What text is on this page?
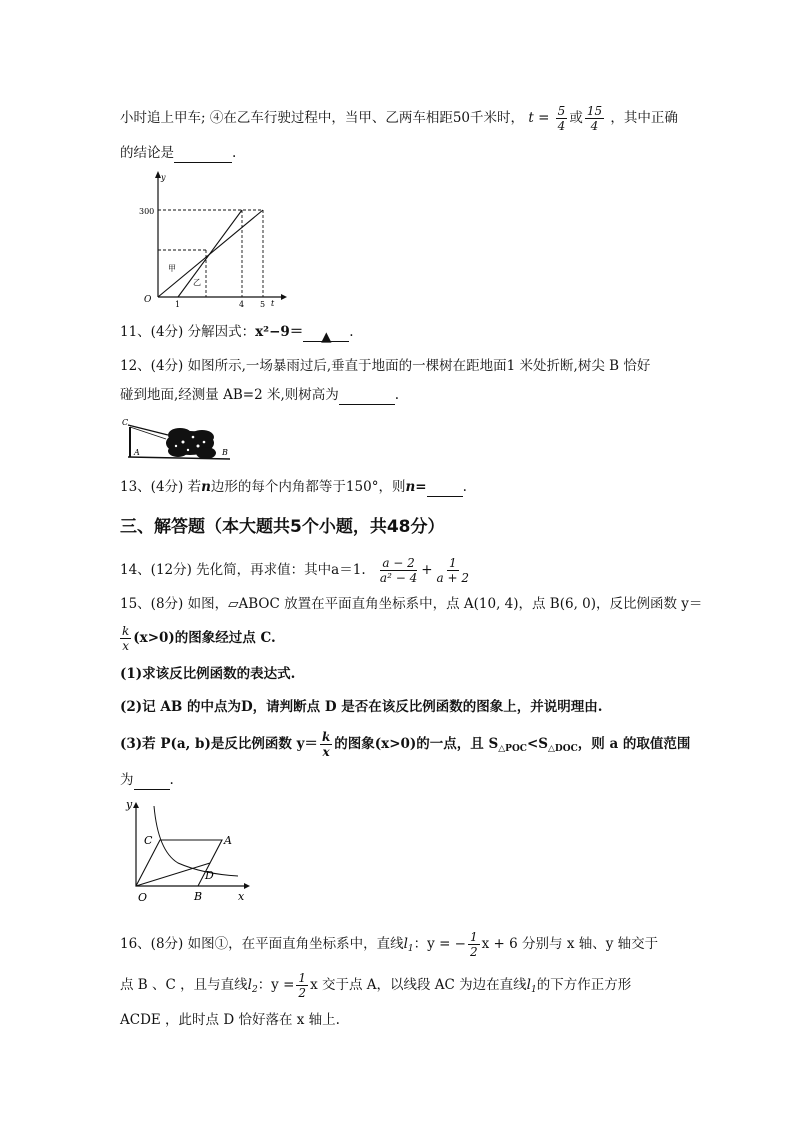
小时追上甲车; ④在乙车行驶过程中，当甲、乙两车相距50千米时， $t = \frac{5}{4}$ 或 $\frac{15}{4}$ ，其中正确
的结论是	.
y
t
O
300
1	4 5
甲
乙
11、(4分) 分解因式：x²−9＝ ▲ .
12、(4分) 如图所示,一场暴雨过后,垂直于地面的一棵树在距地面1 米处折断,树尖 B 恰好
碰到地面,经测量 AB=2 米,则树高为	.
C
A	B
13、(4分) 若n边形的每个内角都等于150°，则n=	.
三、解答题（本大题共5个小题，共48分）
14、(12分) 先化简，再求值：其中a＝1. $\frac{a - 2}{\text{a² − 4}} + \frac{1}{a + 2}$
15、(8分) 如图，▱ABOC 放置在平面直角坐标系中，点 A(10, 4)，点 B(6, 0)，反比例函数 y＝
$\frac{k}{x} (x>0)$的图象经过点 C.
(1)求该反比例函数的表达式.
(2)记 AB 的中点为D，请判断点 D 是否在该反比例函数的图象上，并说明理由.
(3)若 P(a, b)是反比例函数 $y= \frac{k}{x}$ 的图象(x>0)的一点，且 $S_{\triangle POC}<S_{\triangle DOC}$，则 a 的取值范围
为	.
y
x
O
C	A
D
B
16、(8分) 如图①，在平面直角坐标系中，直线$l_1$：y = − $\frac{1}{2}$ x + 6 分别与 x 轴、y 轴交于
点 B 、C ，且与直线$l_2$：$y = \frac{1}{2}$ x 交于点 A，以线段 AC 为边在直线$l_1$的下方作正方形
ACDE ，此时点 D 恰好落在 x 轴上.
